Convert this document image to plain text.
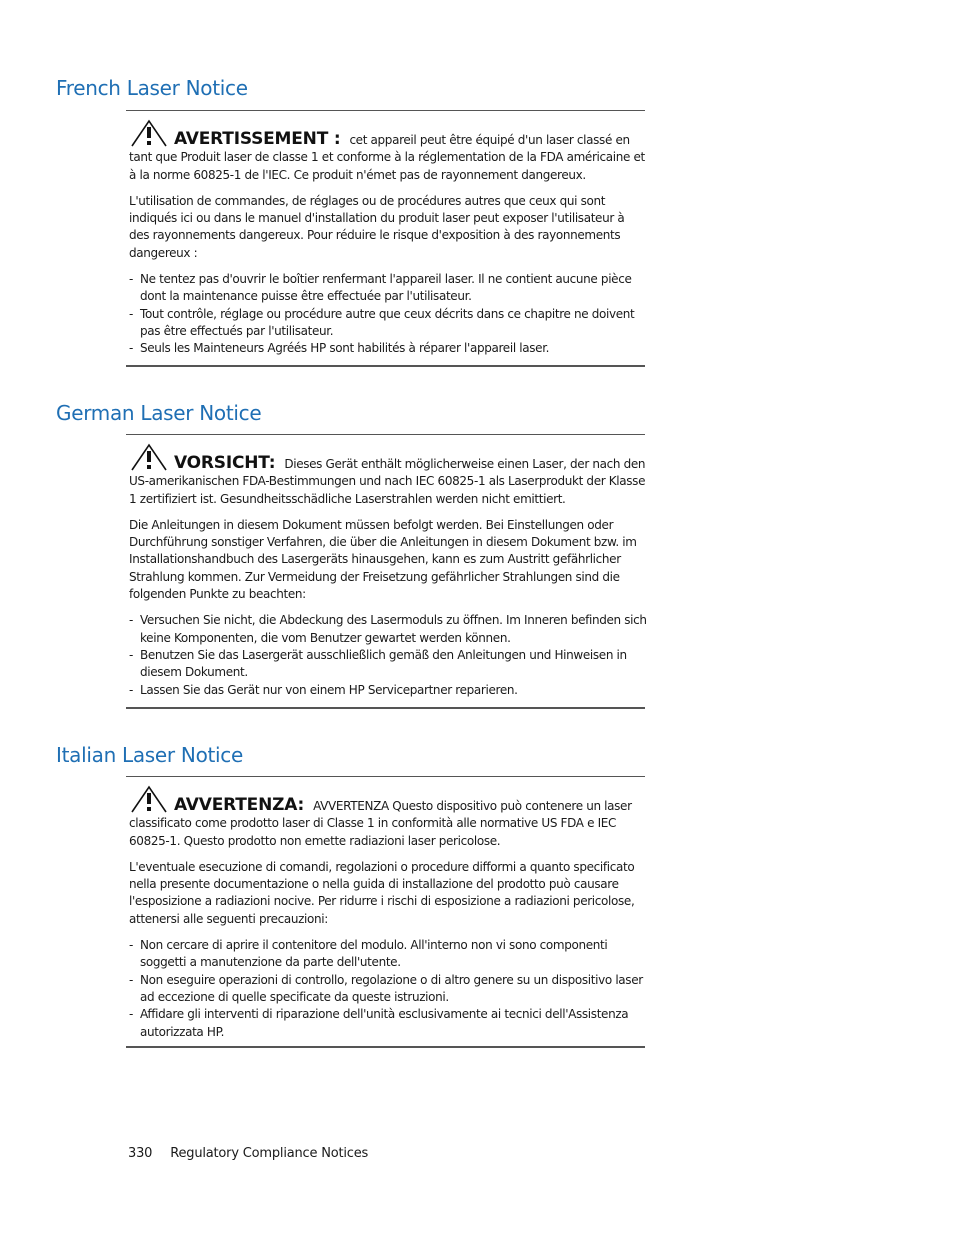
French Laser Notice

AVERTISSEMENT : cet appareil peut être équipé d'un laser classé en tant que Produit laser de classe 1 et conforme à la réglementation de la FDA américaine et à la norme 60825-1 de l'IEC. Ce produit n'émet pas de rayonnement dangereux.

L'utilisation de commandes, de réglages ou de procédures autres que ceux qui sont indiqués ici ou dans le manuel d'installation du produit laser peut exposer l'utilisateur à des rayonnements dangereux. Pour réduire le risque d'exposition à des rayonnements dangereux :

- Ne tentez pas d'ouvrir le boîtier renfermant l'appareil laser. Il ne contient aucune pièce dont la maintenance puisse être effectuée par l'utilisateur.
- Tout contrôle, réglage ou procédure autre que ceux décrits dans ce chapitre ne doivent pas être effectués par l'utilisateur.
- Seuls les Mainteneurs Agréés HP sont habilités à réparer l'appareil laser.
German Laser Notice

VORSICHT: Dieses Gerät enthält möglicherweise einen Laser, der nach den US-amerikanischen FDA-Bestimmungen und nach IEC 60825-1 als Laserprodukt der Klasse 1 zertifiziert ist. Gesundheitsschädliche Laserstrahlen werden nicht emittiert.

Die Anleitungen in diesem Dokument müssen befolgt werden. Bei Einstellungen oder Durchführung sonstiger Verfahren, die über die Anleitungen in diesem Dokument bzw. im Installationshandbuch des Lasergeräts hinausgehen, kann es zum Austritt gefährlicher Strahlung kommen. Zur Vermeidung der Freisetzung gefährlicher Strahlungen sind die folgenden Punkte zu beachten:

- Versuchen Sie nicht, die Abdeckung des Lasermoduls zu öffnen. Im Inneren befinden sich keine Komponenten, die vom Benutzer gewartet werden können.
- Benutzen Sie das Lasergerät ausschließlich gemäß den Anleitungen und Hinweisen in diesem Dokument.
- Lassen Sie das Gerät nur von einem HP Servicepartner reparieren.
Italian Laser Notice

AVVERTENZA: AVVERTENZA Questo dispositivo può contenere un laser classificato come prodotto laser di Classe 1 in conformità alle normative US FDA e IEC 60825-1. Questo prodotto non emette radiazioni laser pericolose.

L'eventuale esecuzione di comandi, regolazioni o procedure difformi a quanto specificato nella presente documentazione o nella guida di installazione del prodotto può causare l'esposizione a radiazioni nocive. Per ridurre i rischi di esposizione a radiazioni pericolose, attenersi alle seguenti precauzioni:

- Non cercare di aprire il contenitore del modulo. All'interno non vi sono componenti soggetti a manutenzione da parte dell'utente.
- Non eseguire operazioni di controllo, regolazione o di altro genere su un dispositivo laser ad eccezione di quelle specificate da queste istruzioni.
- Affidare gli interventi di riparazione dell'unità esclusivamente ai tecnici dell'Assistenza autorizzata HP.
330 Regulatory Compliance Notices
